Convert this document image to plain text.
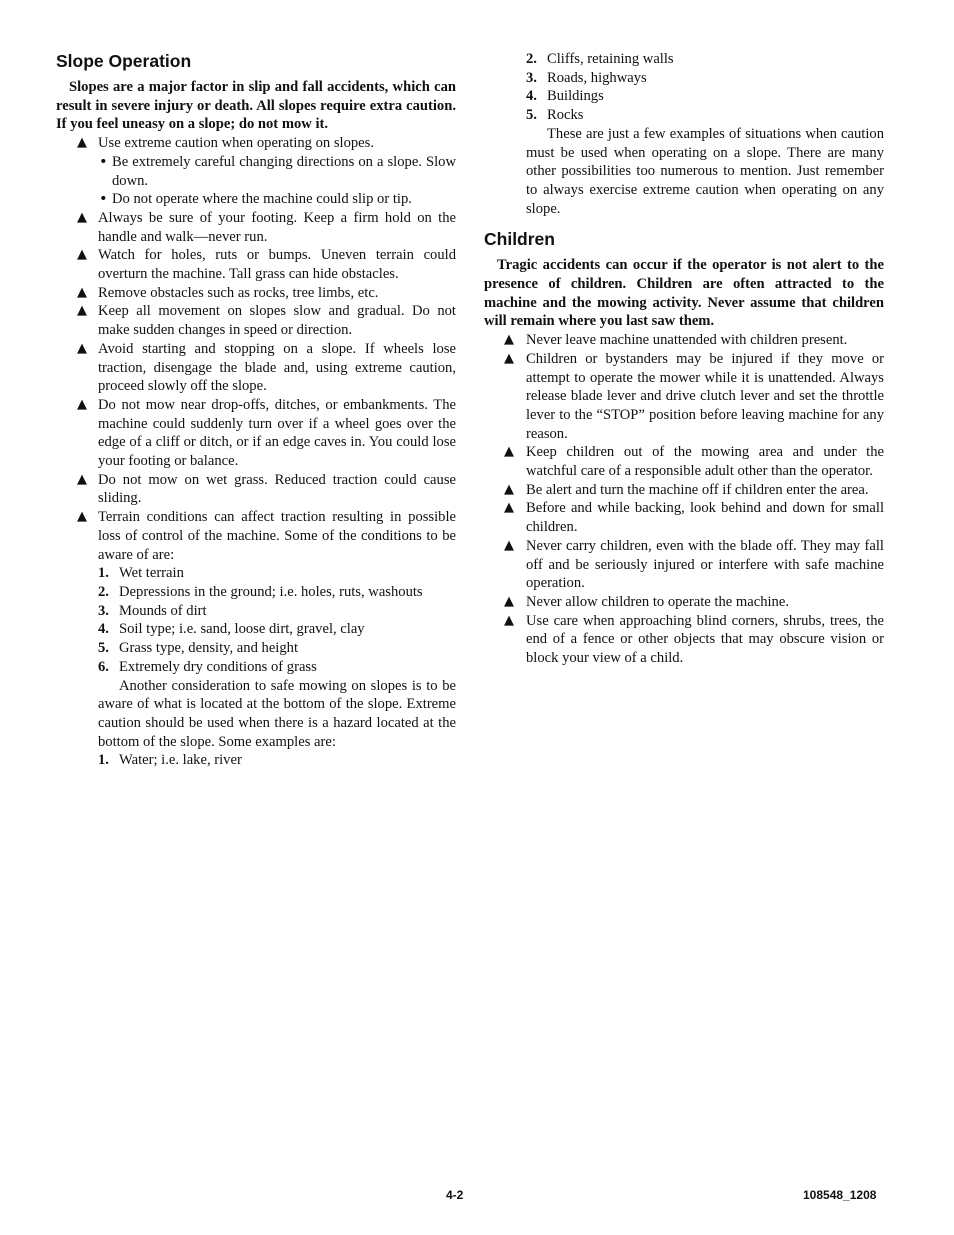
Slope Operation

Slopes are a major factor in slip and fall accidents, which can result in severe injury or death. All slopes require extra caution. If you feel uneasy on a slope; do not mow it.

▲ Use extreme caution when operating on slopes.

• Be extremely careful changing directions on a slope. Slow down.

• Do not operate where the machine could slip or tip.

▲ Always be sure of your footing. Keep a firm hold on the handle and walk—never run.

▲ Watch for holes, ruts or bumps. Uneven terrain could overturn the machine. Tall grass can hide obstacles.

▲ Remove obstacles such as rocks, tree limbs, etc.

▲ Keep all movement on slopes slow and gradual. Do not make sudden changes in speed or direction.

▲ Avoid starting and stopping on a slope. If wheels lose traction, disengage the blade and, using extreme caution, proceed slowly off the slope.

▲ Do not mow near drop-offs, ditches, or embankments. The machine could suddenly turn over if a wheel goes over the edge of a cliff or ditch, or if an edge caves in. You could lose your footing or balance.

▲ Do not mow on wet grass. Reduced traction could cause sliding.

▲ Terrain conditions can affect traction resulting in possible loss of control of the machine. Some of the conditions to be aware of are:

1. Wet terrain

2. Depressions in the ground; i.e. holes, ruts, washouts

3. Mounds of dirt

4. Soil type; i.e. sand, loose dirt, gravel, clay

5. Grass type, density, and height

6. Extremely dry conditions of grass

Another consideration to safe mowing on slopes is to be aware of what is located at the bottom of the slope. Extreme caution should be used when there is a hazard located at the bottom of the slope. Some examples are:

1. Water; i.e. lake, river

2. Cliffs, retaining walls

3. Roads, highways

4. Buildings

5. Rocks

These are just a few examples of situations when caution must be used when operating on a slope. There are many other possibilities too numerous to mention. Just remember to always exercise extreme caution when operating on any slope.

Children

Tragic accidents can occur if the operator is not alert to the presence of children. Children are often attracted to the machine and the mowing activity. Never assume that children will remain where you last saw them.

▲ Never leave machine unattended with children present.

▲ Children or bystanders may be injured if they move or attempt to operate the mower while it is unattended. Always release blade lever and drive clutch lever and set the throttle lever to the “STOP” position before leaving machine for any reason.

▲ Keep children out of the mowing area and under the watchful care of a responsible adult other than the operator.

▲ Be alert and turn the machine off if children enter the area.

▲ Before and while backing, look behind and down for small children.

▲ Never carry children, even with the blade off. They may fall off and be seriously injured or interfere with safe machine operation.

▲ Never allow children to operate the machine.

▲ Use care when approaching blind corners, shrubs, trees, the end of a fence or other objects that may obscure vision or block your view of a child.

4-2	108548_1208
